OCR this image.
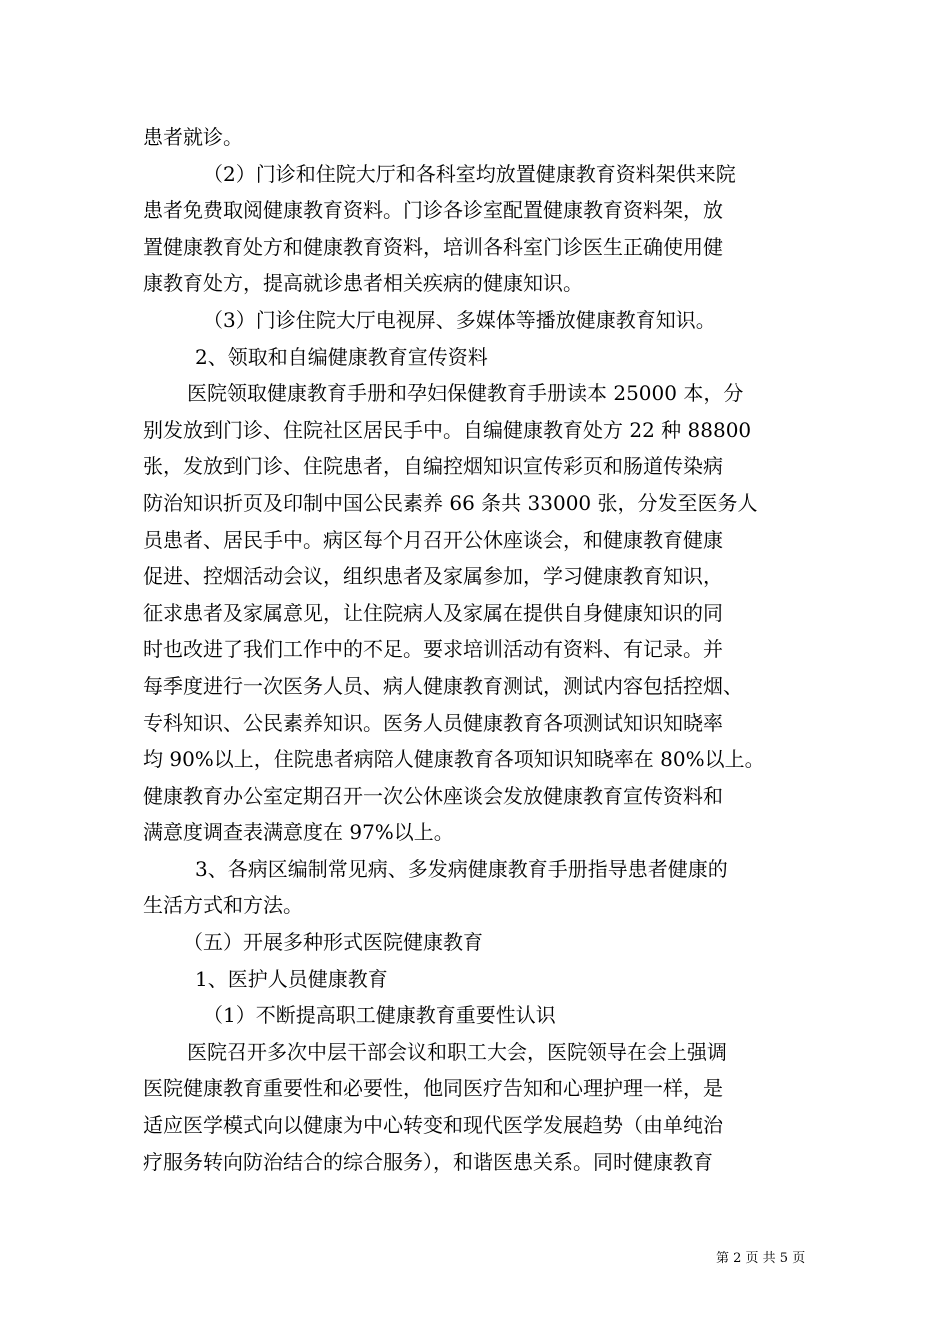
患者就诊。
（2）门诊和住院大厅和各科室均放置健康教育资料架供来院
患者免费取阅健康教育资料。门诊各诊室配置健康教育资料架，放
置健康教育处方和健康教育资料，培训各科室门诊医生正确使用健
康教育处方，提高就诊患者相关疾病的健康知识。
（3）门诊住院大厅电视屏、多媒体等播放健康教育知识。
2、领取和自编健康教育宣传资料
医院领取健康教育手册和孕妇保健教育手册读本 25000 本，分
别发放到门诊、住院社区居民手中。自编健康教育处方 22 种 88800
张，发放到门诊、住院患者，自编控烟知识宣传彩页和肠道传染病
防治知识折页及印制中国公民素养 66 条共 33000 张，分发至医务人
员患者、居民手中。病区每个月召开公休座谈会，和健康教育健康
促进、控烟活动会议，组织患者及家属参加，学习健康教育知识，
征求患者及家属意见，让住院病人及家属在提供自身健康知识的同
时也改进了我们工作中的不足。要求培训活动有资料、有记录。并
每季度进行一次医务人员、病人健康教育测试，测试内容包括控烟、
专科知识、公民素养知识。医务人员健康教育各项测试知识知晓率
均 90%以上，住院患者病陪人健康教育各项知识知晓率在 80%以上。
健康教育办公室定期召开一次公休座谈会发放健康教育宣传资料和
满意度调查表满意度在 97%以上。
3、各病区编制常见病、多发病健康教育手册指导患者健康的
生活方式和方法。
（五）开展多种形式医院健康教育
1、医护人员健康教育
（1）不断提高职工健康教育重要性认识
医院召开多次中层干部会议和职工大会，医院领导在会上强调
医院健康教育重要性和必要性，他同医疗告知和心理护理一样，是
适应医学模式向以健康为中心转变和现代医学发展趋势（由单纯治
疗服务转向防治结合的综合服务），和谐医患关系。同时健康教育
第 2 页 共 5 页
